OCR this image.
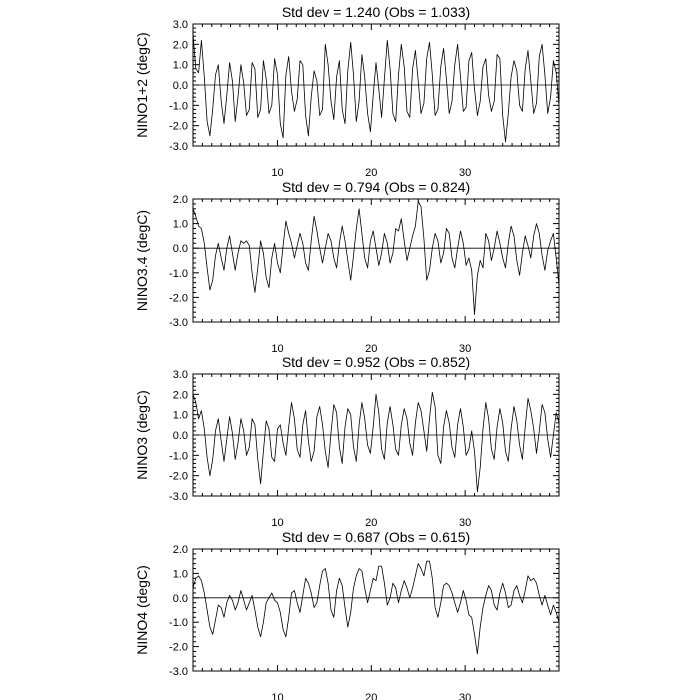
Std dev = 1.240 (Obs = 1.033)
NINO1+2 (degC)
-3.0
-2.0
-1.0
0.0
1.0
2.0
3.0
10	20	30
Std dev = 0.794 (Obs = 0.824)
NINO3.4 (degC)
-3.0
-2.0
-1.0
0.0
1.0
2.0
10	20	30
Std dev = 0.952 (Obs = 0.852)
NINO3 (degC)
-3.0
-2.0
-1.0
0.0
1.0
2.0
3.0
10	20	30
Std dev = 0.687 (Obs = 0.615)
NINO4 (degC)
-3.0
-2.0
-1.0
0.0
1.0
2.0
10	20	30
